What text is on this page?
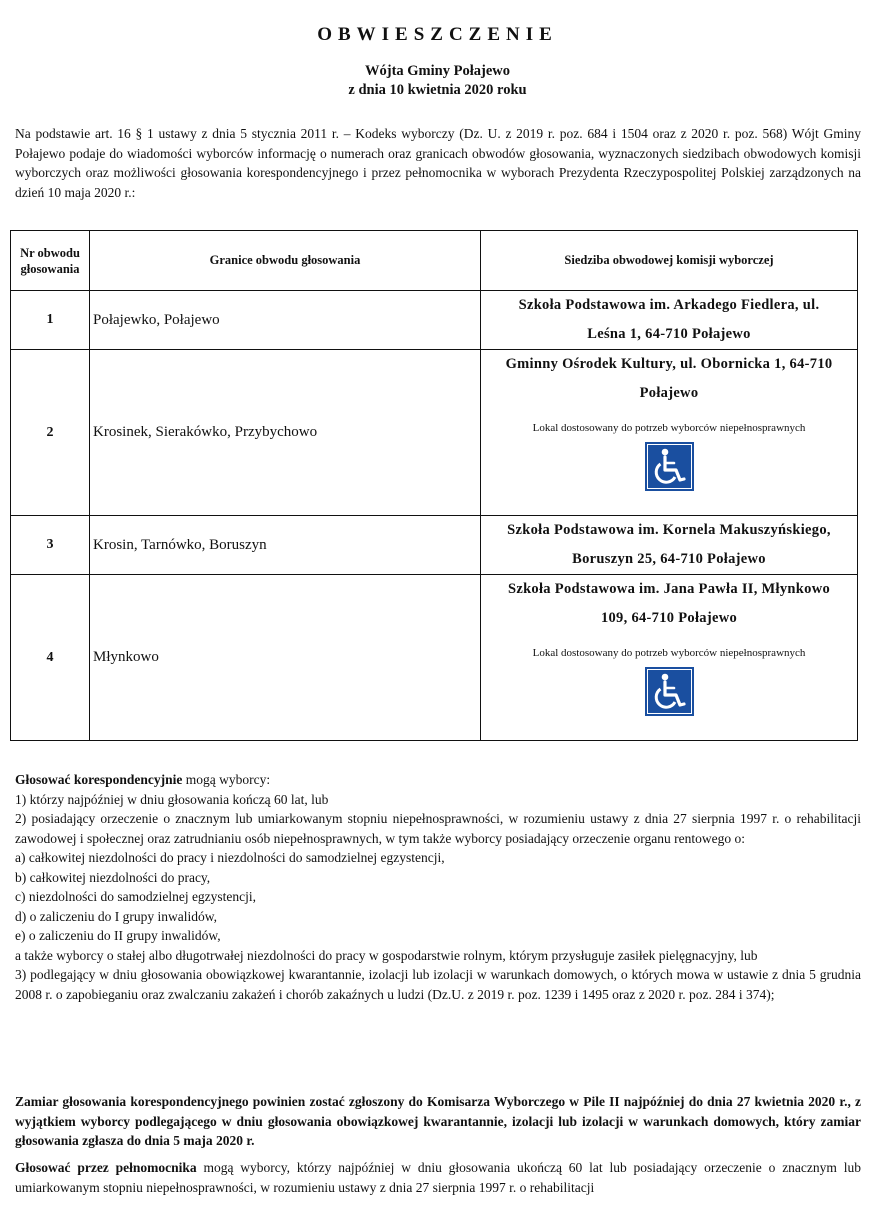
OBWIESZCZENIE
Wójta Gminy Połajewo
z dnia 10 kwietnia 2020 roku

Na podstawie art. 16 § 1 ustawy z dnia 5 stycznia 2011 r. – Kodeks wyborczy (Dz. U. z 2019 r. poz. 684 i 1504 oraz z 2020 r. poz. 568) Wójt Gminy Połajewo podaje do wiadomości wyborców informację o numerach oraz granicach obwodów głosowania, wyznaczonych siedzibach obwodowych komisji wyborczych oraz możliwości głosowania korespondencyjnego i przez pełnomocnika w wyborach Prezydenta Rzeczypospolitej Polskiej zarządzonych na dzień 10 maja 2020 r.:

Nr obwodu
głosowania	Granice obwodu głosowania	Siedziba obwodowej komisji wyborczej
1	Połajewko, Połajewo	Szkoła Podstawowa im. Arkadego Fiedlera, ul.
Leśna 1, 64-710 Połajewo

2	Krosinek, Sierakówko, Przybychowo	Gminny Ośrodek Kultury, ul. Obornicka 1, 64-710
Połajewo
Lokal dostosowany do potrzeb wyborców niepełnosprawnych

3	Krosin, Tarnówko, Boruszyn	Szkoła Podstawowa im. Kornela Makuszyńskiego,
Boruszyn 25, 64-710 Połajewo

4	Młynkowo	Szkoła Podstawowa im. Jana Pawła II, Młynkowo
109, 64-710 Połajewo
Lokal dostosowany do potrzeb wyborców niepełnosprawnych

Głosować korespondencyjnie mogą wyborcy:

1) którzy najpóźniej w dniu głosowania kończą 60 lat, lub

2) posiadający orzeczenie o znacznym lub umiarkowanym stopniu niepełnosprawności, w rozumieniu ustawy z dnia 27 sierpnia 1997 r. o rehabilitacji zawodowej i społecznej oraz zatrudnianiu osób niepełnosprawnych, w tym także wyborcy posiadający orzeczenie organu rentowego o:

a) całkowitej niezdolności do pracy i niezdolności do samodzielnej egzystencji,

b) całkowitej niezdolności do pracy,

c) niezdolności do samodzielnej egzystencji,

d) o zaliczeniu do I grupy inwalidów,

e) o zaliczeniu do II grupy inwalidów,

a także wyborcy o stałej albo długotrwałej niezdolności do pracy w gospodarstwie rolnym, którym przysługuje zasiłek pielęgnacyjny, lub

3) podlegający w dniu głosowania obowiązkowej kwarantannie, izolacji lub izolacji w warunkach domowych, o których mowa w ustawie z dnia 5 grudnia 2008 r. o zapobieganiu oraz zwalczaniu zakażeń i chorób zakaźnych u ludzi (Dz.U. z 2019 r. poz. 1239 i 1495 oraz z 2020 r. poz. 284 i 374);

Zamiar głosowania korespondencyjnego powinien zostać zgłoszony do Komisarza Wyborczego w Pile II najpóźniej do dnia 27 kwietnia 2020 r., z wyjątkiem wyborcy podlegającego w dniu głosowania obowiązkowej kwarantannie, izolacji lub izolacji w warunkach domowych, który zamiar głosowania zgłasza do dnia 5 maja 2020 r.

Głosować przez pełnomocnika mogą wyborcy, którzy najpóźniej w dniu głosowania ukończą 60 lat lub posiadający orzeczenie o znacznym lub umiarkowanym stopniu niepełnosprawności, w rozumieniu ustawy z dnia 27 sierpnia 1997 r. o rehabilitacji
